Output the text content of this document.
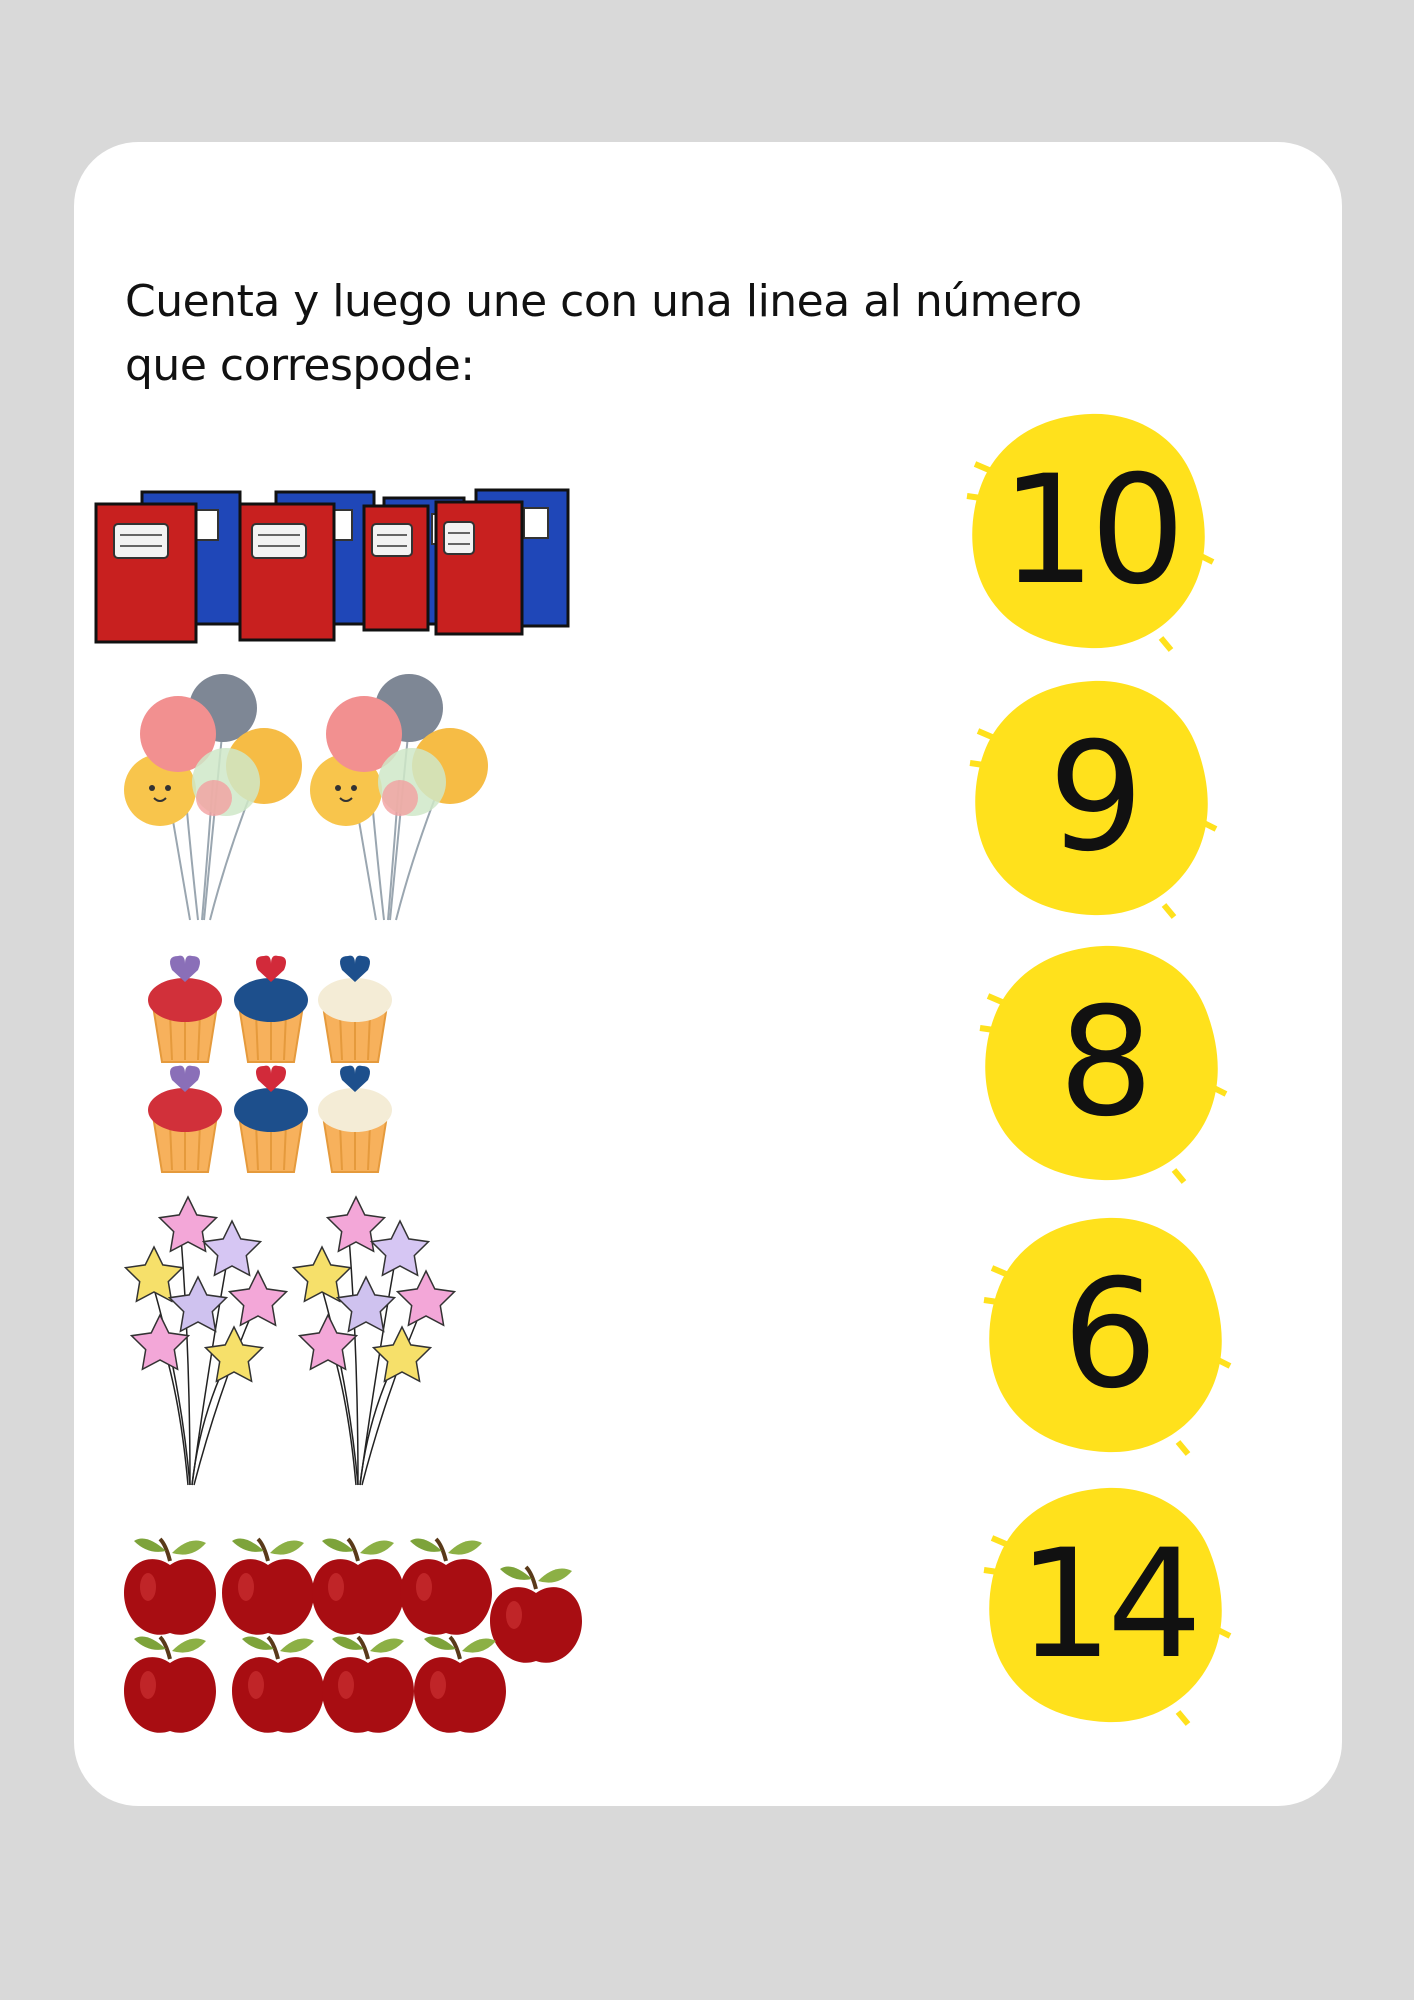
Cuenta y luego une con una linea al número que correspode:

10
9
8
6
14
